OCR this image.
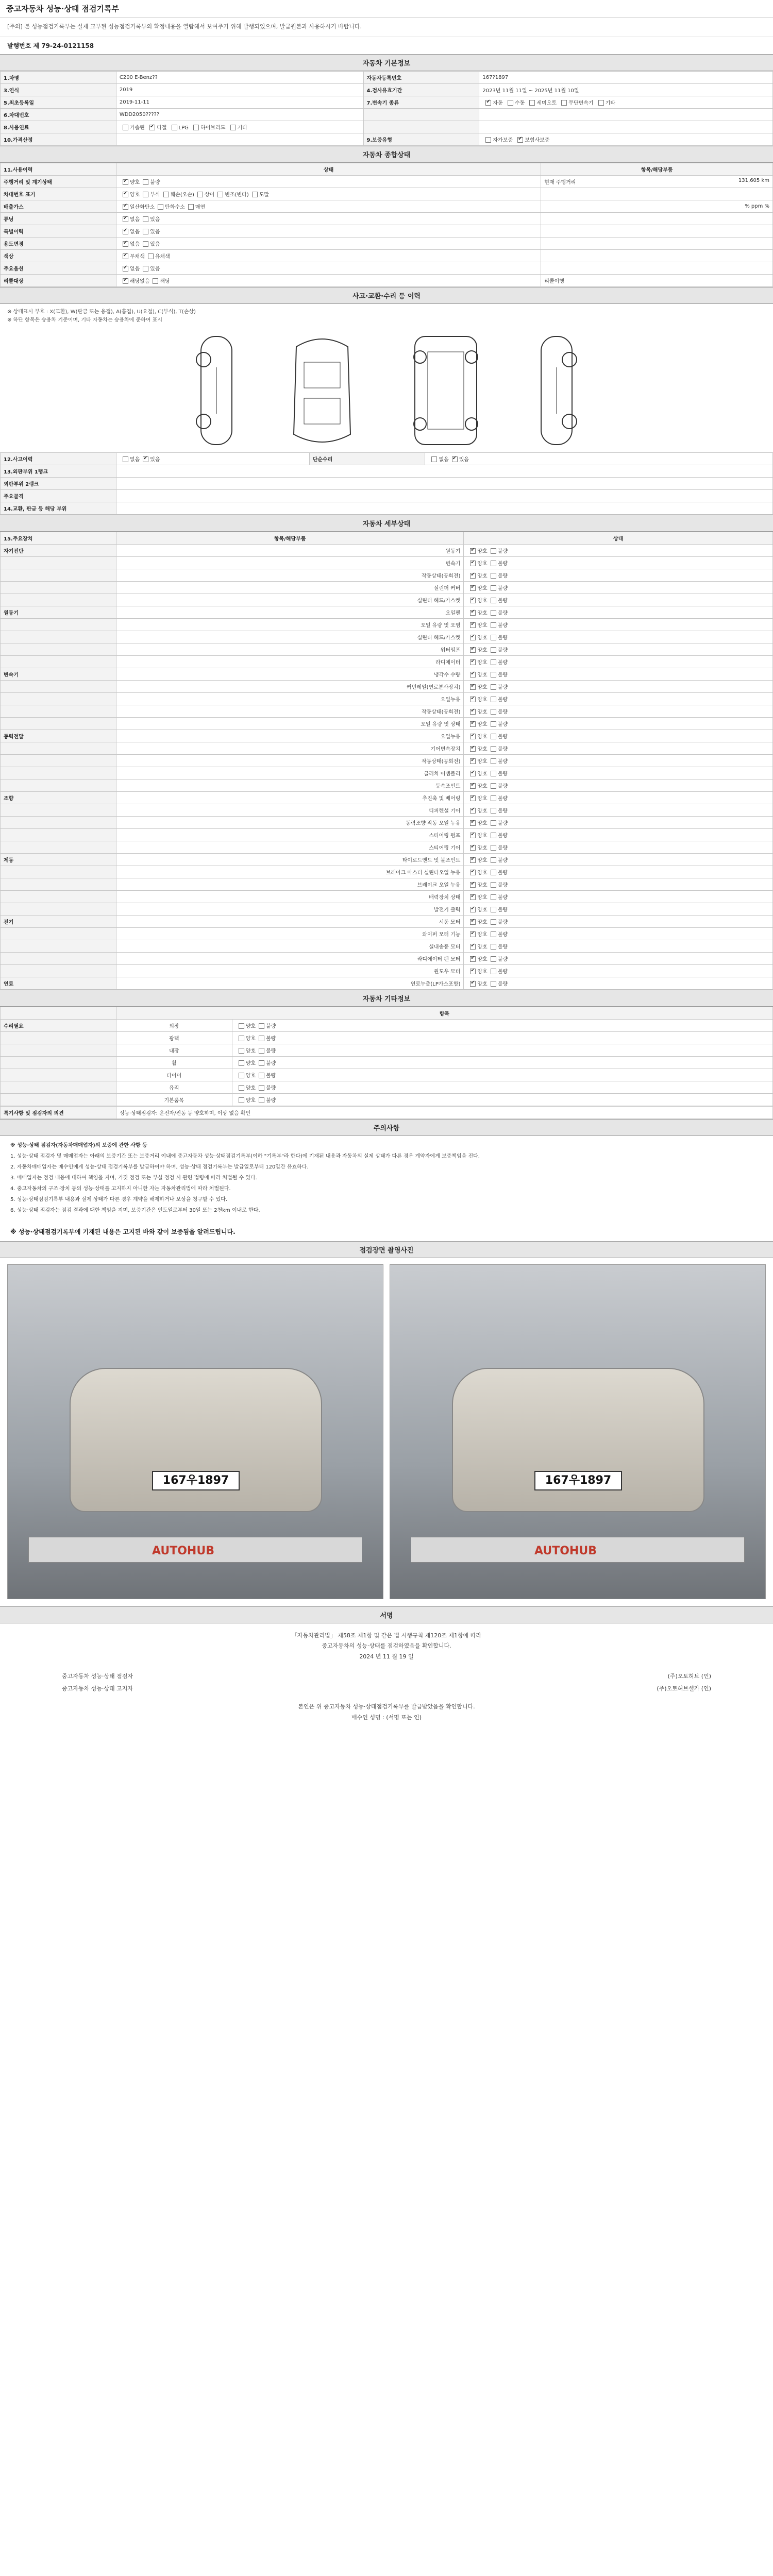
중고자동차 성능·상태 점검기록부
[주의] 본 성능점검기록부는 실제 교부된 성능점검기록부의 확정내용을 열람해서 보여주기 위해 발행되었으며, 발급원본과 사용하시기 바랍니다.
발행번호 제 79-24-0121158
자동차 기본정보
1.차명	C200 E-Benz??	자동차등록번호	167?1897
3.연식	2019	4.검사유효기간	2023년 11월 11일 ~ 2025년 11월 10일
5.최초등록일	2019-11-11	7.변속기 종류	✔자동 수동 세미오토 무단변속기 기타
6.차대번호	WDD2050?????		
8.사용연료	가솔린 ✔ 디젤 LPG 하이브리드 기타		
10.가격산정		9.보증유형	자가보증 ✔ 보험사보증
자동차 종합상태
11.사용이력	상태	항목/해당부품
주행거리 및 계기상태	✔양호 불량	현재 주행거리 131,605 km

차대번호 표기	✔양호 부식 훼손(오손) 상이 변조(변타) 도말	

배출가스	✔일산화탄소 탄화수소 매연	% ppm %

튜닝	✔없음 있음	

특별이력	✔없음 있음	

용도변경	✔없음 있음	

색상	✔무채색 유채색	

주요옵션	✔없음 있음	

리콜대상	✔해당없음 해당	리콜이행
사고·교환·수리 등 이력
※ 상태표시 부호 : X(교환), W(판금 또는 용접), A(흠집), U(요철), C(부식), T(손상)
※ 하단 항목은 승용차 기준이며, 기타 자동차는 승용차에 준하여 표시
12.사고이력	없음 ✔ 있음	단순수리	없음 ✔ 있음
13.외판부위 1랭크			
외판부위 2랭크			
주요골격			
14.교환, 판금 등 해당 부위			
자동차 세부상태
15.주요장치	항목/해당부품	상태
자기진단	원동기	✔양호 불량
	변속기	✔양호 불량
	작동상태(공회전)	✔양호 불량
	실린더 커버	✔양호 불량
	실린더 헤드/가스켓	✔양호 불량
원동기	오일팬	✔양호 불량
	오일 유량 및 오염	✔양호 불량
	실린더 헤드/가스켓	✔양호 불량
	워터펌프	✔양호 불량
	라디에이터	✔양호 불량
변속기	냉각수 수량	✔양호 불량
	커먼레일(연료분사장치)	✔양호 불량
	오일누유	✔양호 불량
	작동상태(공회전)	✔양호 불량
	오일 유량 및 상태	✔양호 불량
동력전달	오일누유	✔양호 불량
	기어변속장치	✔양호 불량
	작동상태(공회전)	✔양호 불량
	클러치 어셈블리	✔양호 불량
	등속조인트	✔양호 불량
조향	추진축 및 베어링	✔양호 불량
	디퍼렌셜 기어	✔양호 불량
	동력조향 작동 오일 누유	✔양호 불량
	스티어링 펌프	✔양호 불량
	스티어링 기어	✔양호 불량
제동	타이로드엔드 및 볼조인트	✔양호 불량
	브레이크 마스터 실린더오일 누유	✔양호 불량
	브레이크 오일 누유	✔양호 불량
	배력장치 상태	✔양호 불량
	발전기 출력	✔양호 불량
전기	시동 모터	✔양호 불량
	와이퍼 모터 기능	✔양호 불량
	실내송풍 모터	✔양호 불량
	라디에이터 팬 모터	✔양호 불량
	윈도우 모터	✔양호 불량
연료	연료누출(LP가스포함)	✔양호 불량
자동차 기타정보
	항목	
수리필요	외장	양호 불량
	광택	양호 불량
	내장	양호 불량
	휠	양호 불량
	타이어	양호 불량
	유리	양호 불량
	기본품목	양호 불량
특기사항 및 점검자의 의견	성능·상태점검자: 운전자/진동 등 양호하며, 이상 없음 확인
주의사항

※ 성능·상태 점검자(자동차매매업자)의 보증에 관한 사항 등

1. 성능·상태 점검자 및 매매업자는 아래의 보증기간 또는 보증거리 이내에 중고자동차 성능·상태점검기록부(이하 "기록부"라 한다)에 기재된 내용과 자동차의 실제 상태가 다른 경우 계약자에게 보증책임을 진다.

2. 자동차매매업자는 매수인에게 성능·상태 점검기록부를 발급하여야 하며, 성능·상태 점검기록부는 발급일로부터 120일간 유효하다.

3. 매매업자는 점검 내용에 대하여 책임을 지며, 거짓 점검 또는 부실 점검 시 관련 법령에 따라 처벌될 수 있다.

4. 중고자동차의 구조·장치 등의 성능·상태를 고지하지 아니한 자는 자동차관리법에 따라 처벌된다.

5. 성능·상태점검기록부 내용과 실제 상태가 다른 경우 계약을 해제하거나 보상을 청구할 수 있다.

6. 성능·상태 점검자는 점검 결과에 대한 책임을 지며, 보증기간은 인도일로부터 30일 또는 2천km 이내로 한다.

※ 성능·상태점검기록부에 기재된 내용은 고지된 바와 같이 보증됨을 알려드립니다.
점검장면 촬영사진
167우1897
AUTOHUB
167우1897
AUTOHUB
서명
「자동차관리법」 제58조 제1항 및 같은 법 시행규칙 제120조 제1항에 따라
중고자동차의 성능·상태를 점검하였음을 확인합니다.
2024 년 11 월 19 일
중고자동차 성능·상태 점검자	(주)오토허브 (인)
중고자동차 성능·상태 고지자	(주)오토허브셀카 (인)
본인은 위 중고자동차 성능·상태점검기록부를 발급받았음을 확인합니다.
매수인 성명 : (서명 또는 인)
